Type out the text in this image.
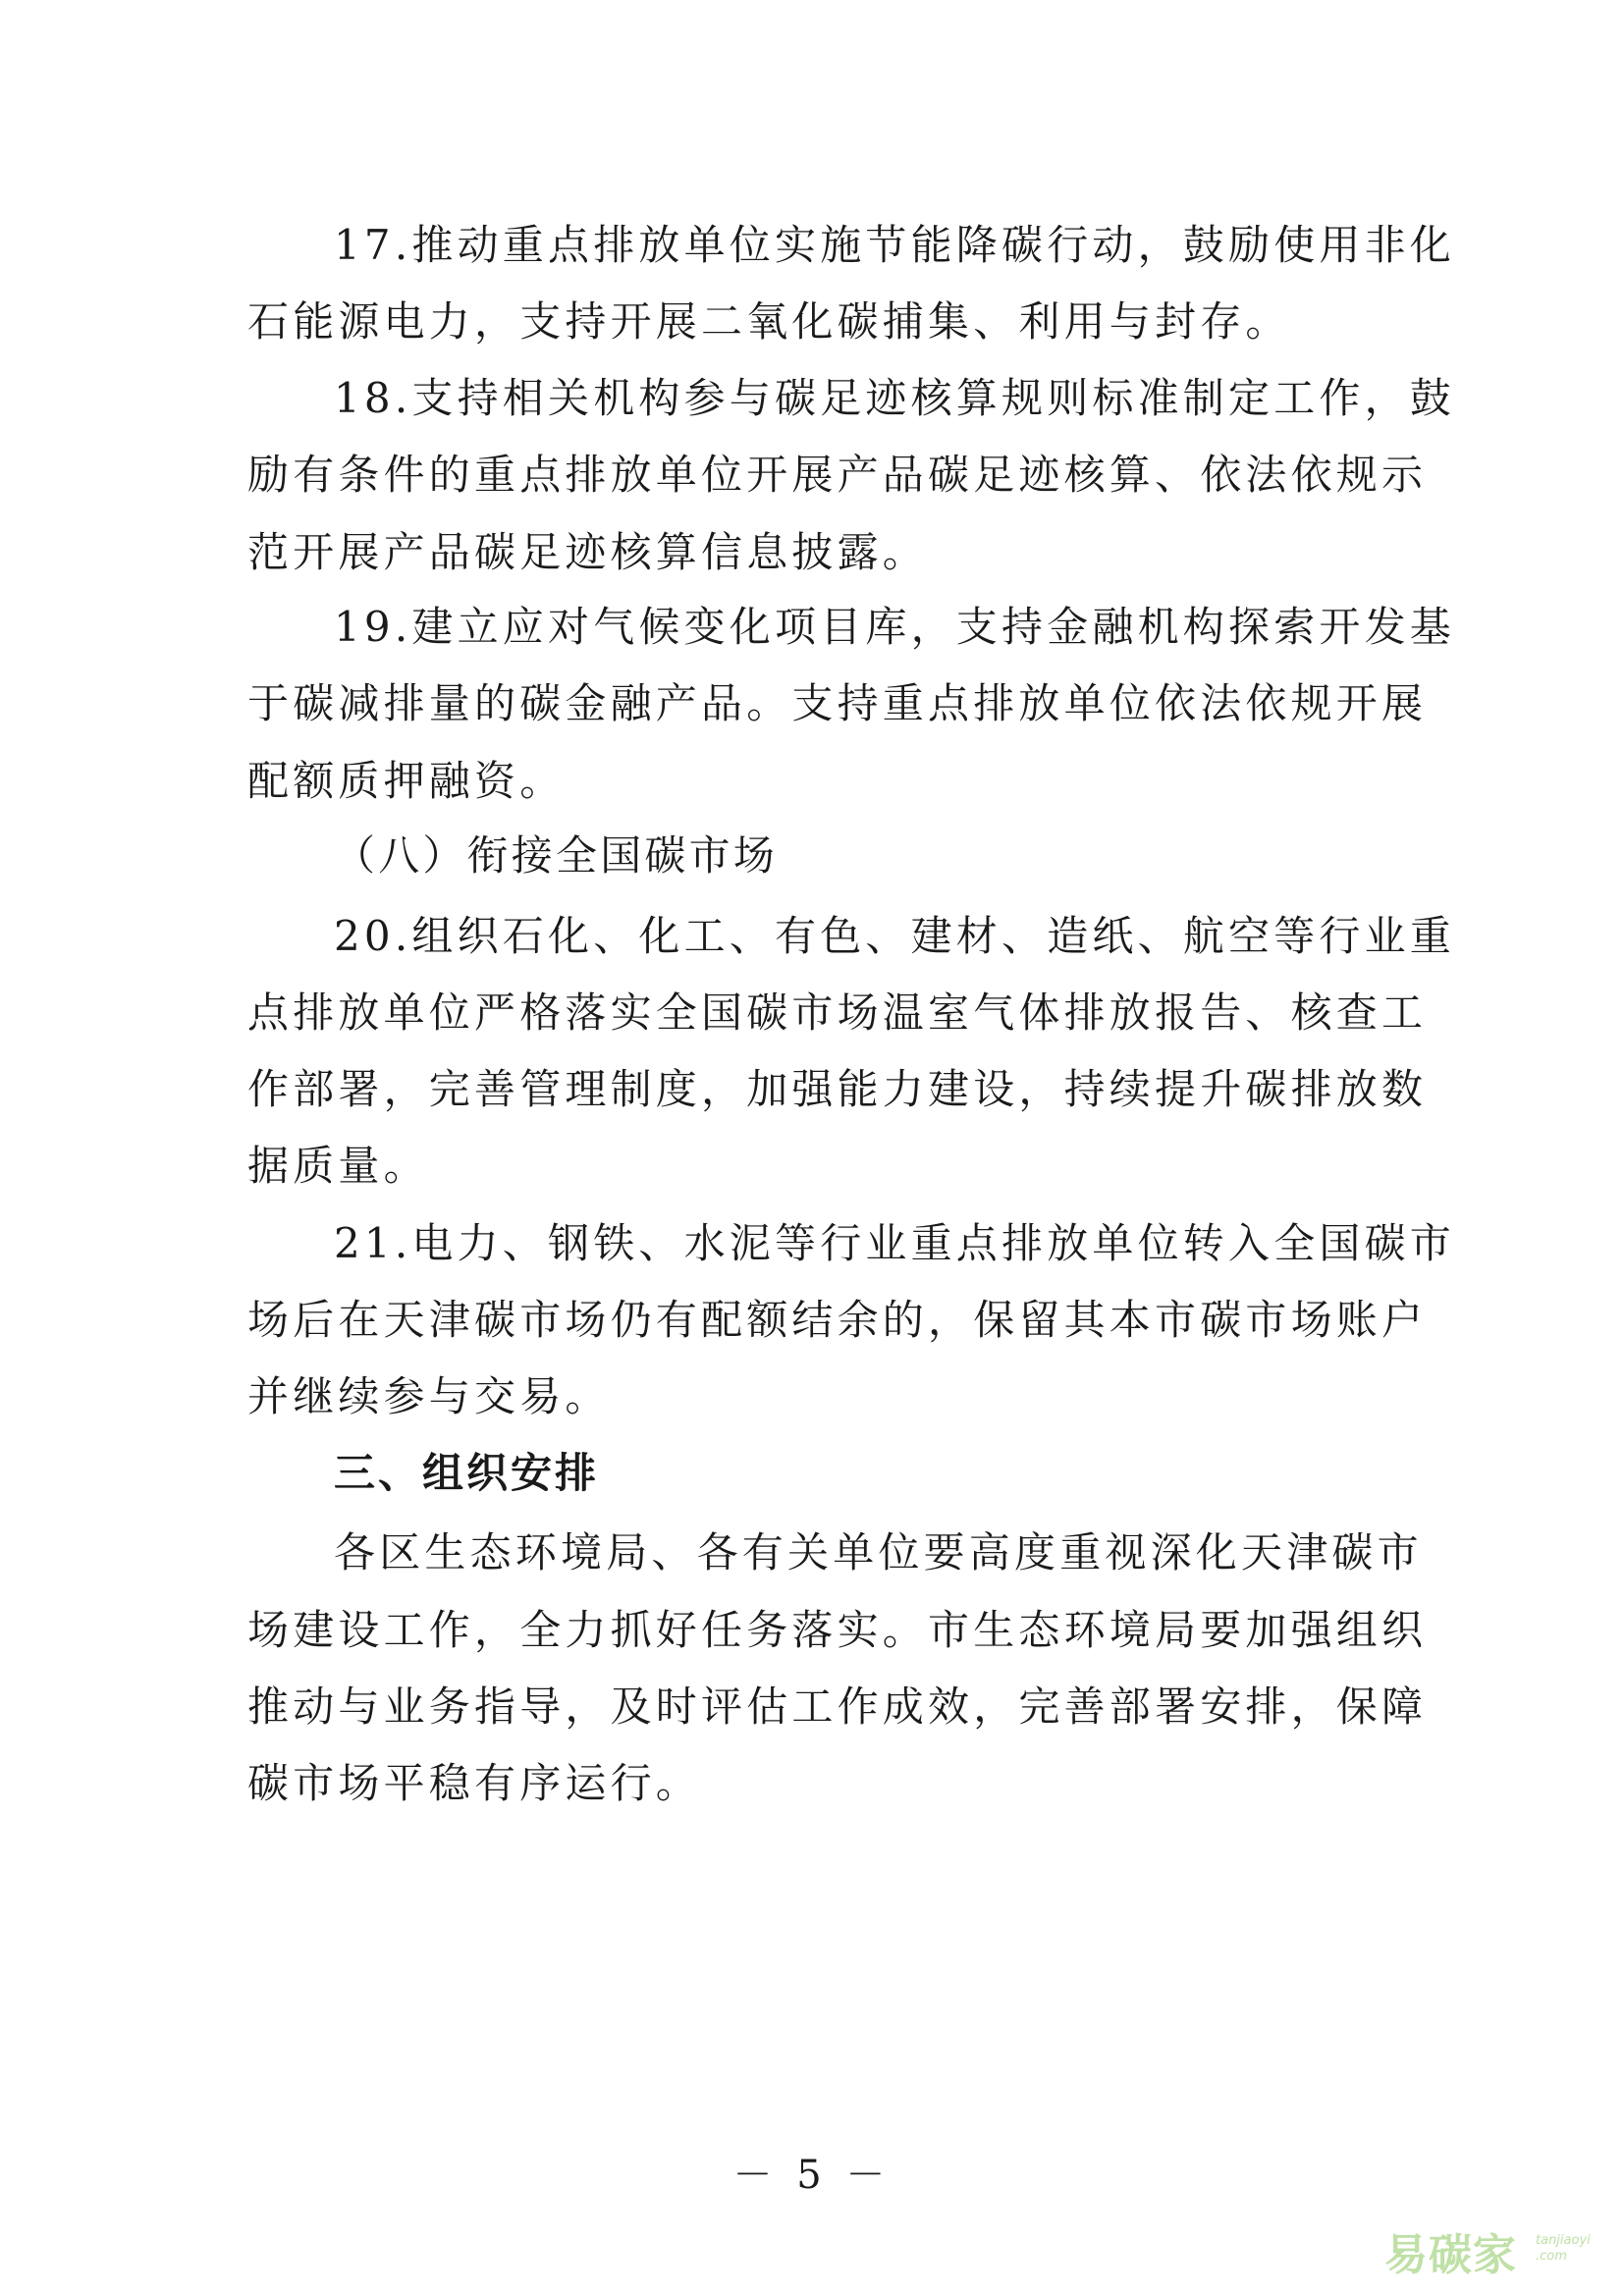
17.推动重点排放单位实施节能降碳行动，鼓励使用非化
石能源电力，支持开展二氧化碳捕集、利用与封存。
18.支持相关机构参与碳足迹核算规则标准制定工作，鼓
励有条件的重点排放单位开展产品碳足迹核算、依法依规示
范开展产品碳足迹核算信息披露。
19.建立应对气候变化项目库，支持金融机构探索开发基
于碳减排量的碳金融产品。支持重点排放单位依法依规开展
配额质押融资。
（八）衔接全国碳市场
20.组织石化、化工、有色、建材、造纸、航空等行业重
点排放单位严格落实全国碳市场温室气体排放报告、核查工
作部署，完善管理制度，加强能力建设，持续提升碳排放数
据质量。
21.电力、钢铁、水泥等行业重点排放单位转入全国碳市
场后在天津碳市场仍有配额结余的，保留其本市碳市场账户
并继续参与交易。
三、组织安排
各区生态环境局、各有关单位要高度重视深化天津碳市
场建设工作，全力抓好任务落实。市生态环境局要加强组织
推动与业务指导，及时评估工作成效，完善部署安排，保障
碳市场平稳有序运行。
－ 5 －
易碳家 tanjiaoyi
.com
